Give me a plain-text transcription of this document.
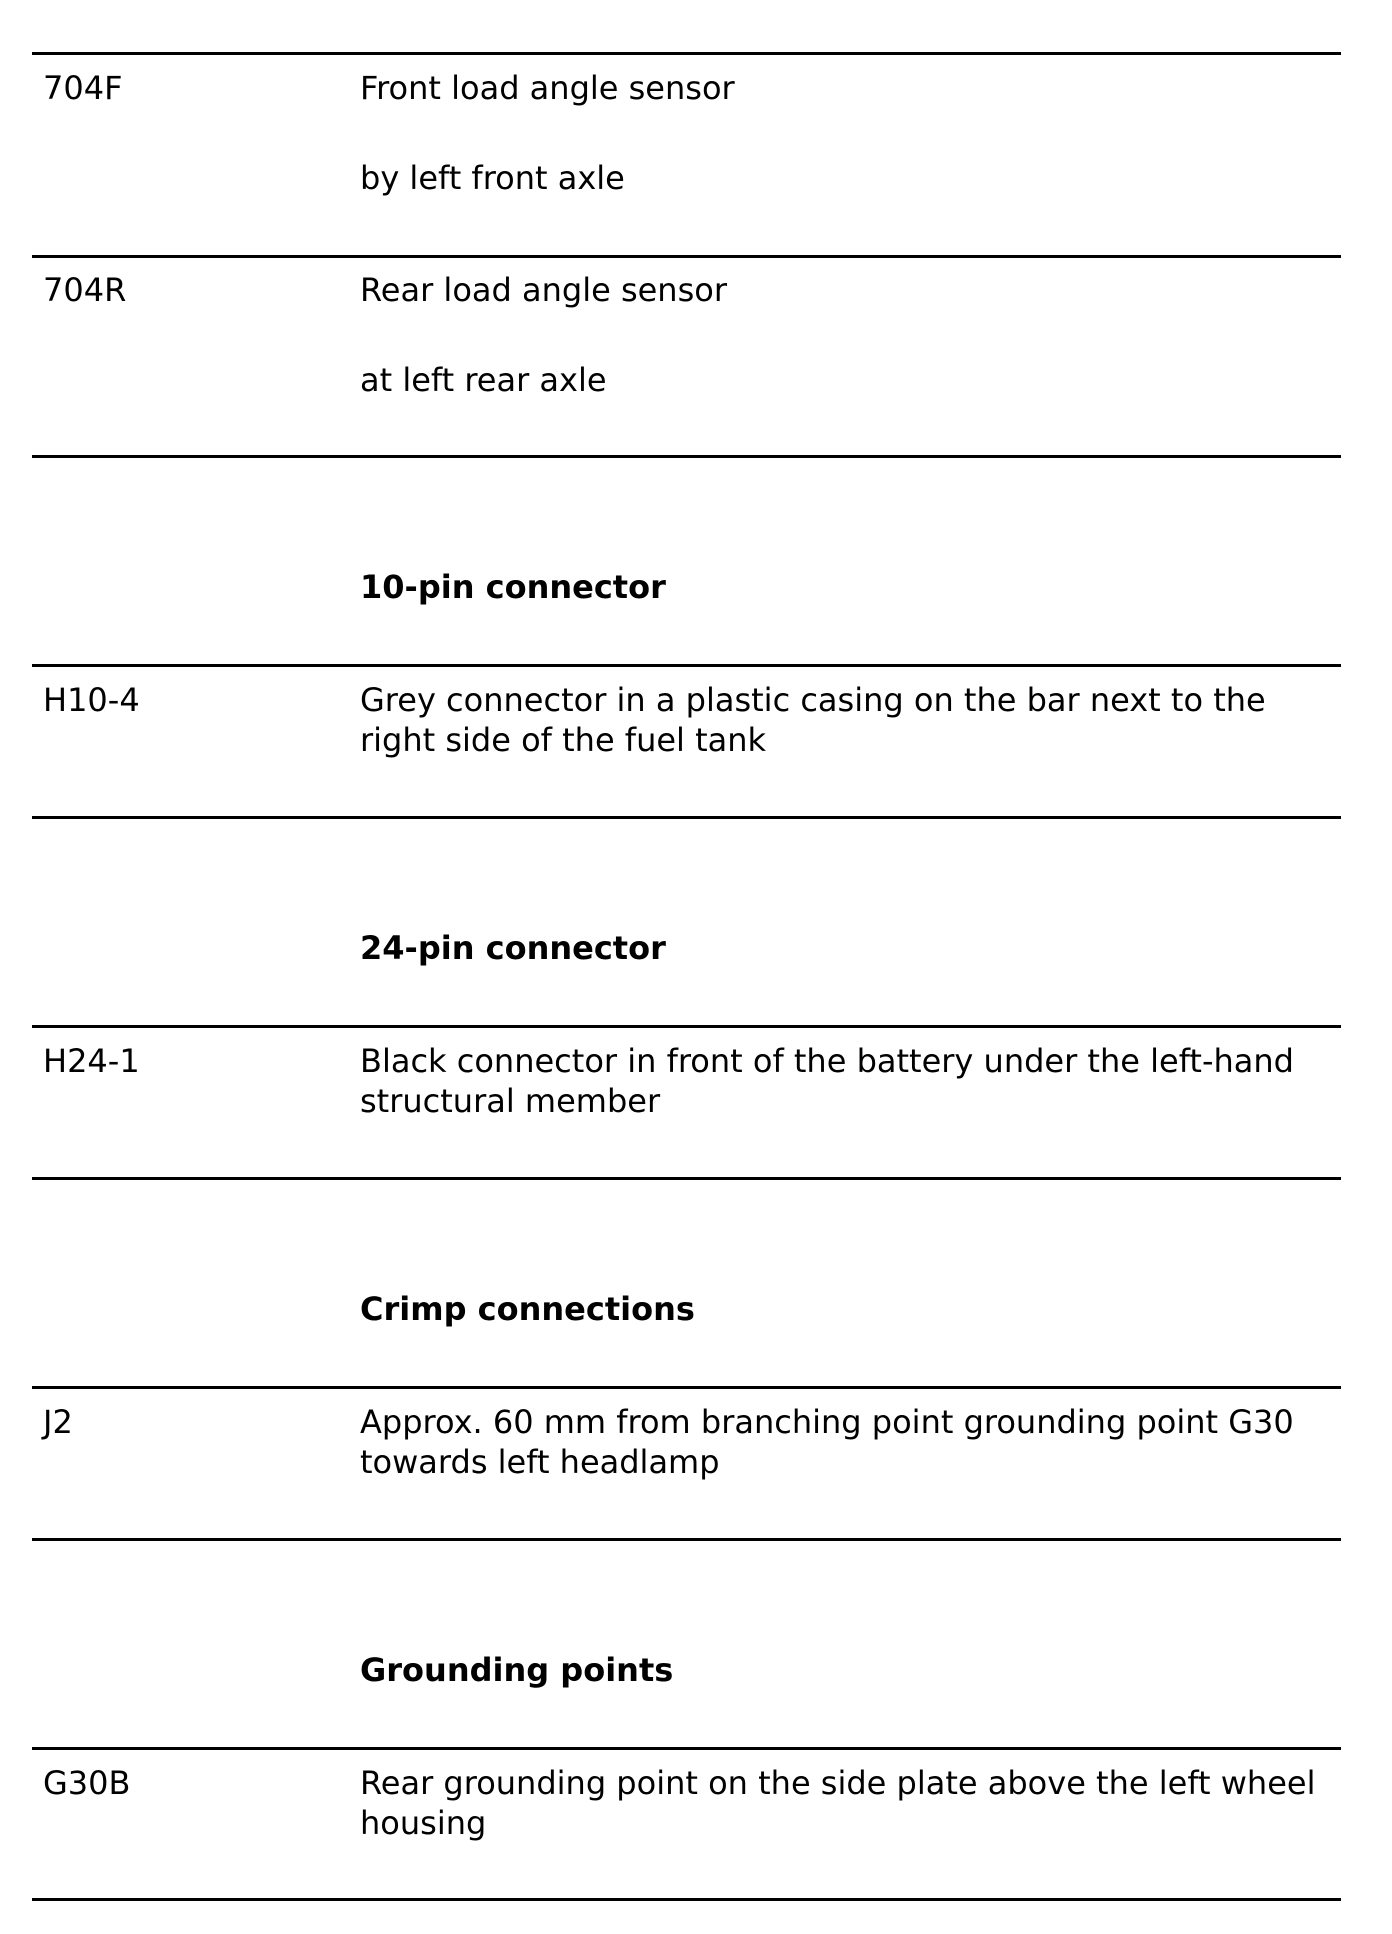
704F	Front load angle sensor
by left front axle
704R	Rear load angle sensor
at left rear axle
10-pin connector
H10-4	Grey connector in a plastic casing on the bar next to the right side of the fuel tank
24-pin connector
H24-1	Black connector in front of the battery under the left-hand structural member
Crimp connections
J2	Approx. 60 mm from branching point grounding point G30 towards left headlamp
Grounding points
G30B	Rear grounding point on the side plate above the left wheel housing
